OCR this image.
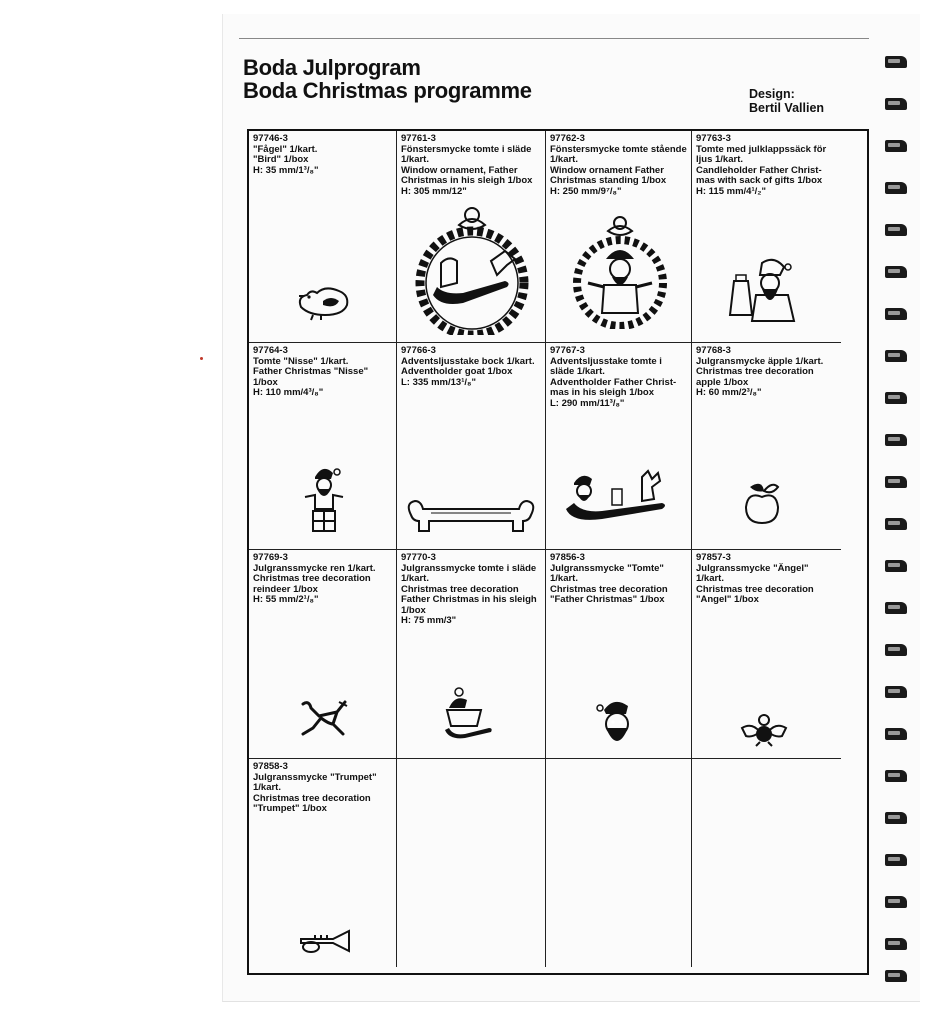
Boda Julprogram
Boda Christmas programme	Design:
Bertil Vallien
97746-3
"Fågel" 1/kart.
"Bird" 1/box
H: 35 mm/1³/₈"
97761-3
Fönstersmycke tomte i släde 1/kart.
Window ornament, Father Christmas in his sleigh 1/box
H: 305 mm/12"
97762-3
Fönstersmycke tomte stående 1/kart.
Window ornament Father Christmas standing 1/box
H: 250 mm/9⁷/₈"
97763-3
Tomte med julklappssäck för ljus 1/kart.
Candleholder Father Christ-mas with sack of gifts 1/box
H: 115 mm/4¹/₂"
97764-3
Tomte "Nisse" 1/kart.
Father Christmas "Nisse" 1/box
H: 110 mm/4³/₈"
97766-3
Adventsljusstake bock 1/kart.
Adventholder goat 1/box
L: 335 mm/13¹/₈"
97767-3
Adventsljusstake tomte i släde 1/kart.
Adventholder Father Christ-mas in his sleigh 1/box
L: 290 mm/11³/₈"
97768-3
Julgransmycke äpple 1/kart.
Christmas tree decoration apple 1/box
H: 60 mm/2³/₈"
97769-3
Julgranssmycke ren 1/kart.
Christmas tree decoration reindeer 1/box
H: 55 mm/2¹/₈"
97770-3
Julgranssmycke tomte i släde 1/kart.
Christmas tree decoration Father Christmas in his sleigh 1/box
H: 75 mm/3"
97856-3
Julgranssmycke "Tomte" 1/kart.
Christmas tree decoration "Father Christmas" 1/box
97857-3
Julgranssmycke "Ängel" 1/kart.
Christmas tree decoration "Angel" 1/box
97858-3
Julgranssmycke "Trumpet" 1/kart.
Christmas tree decoration "Trumpet" 1/box
